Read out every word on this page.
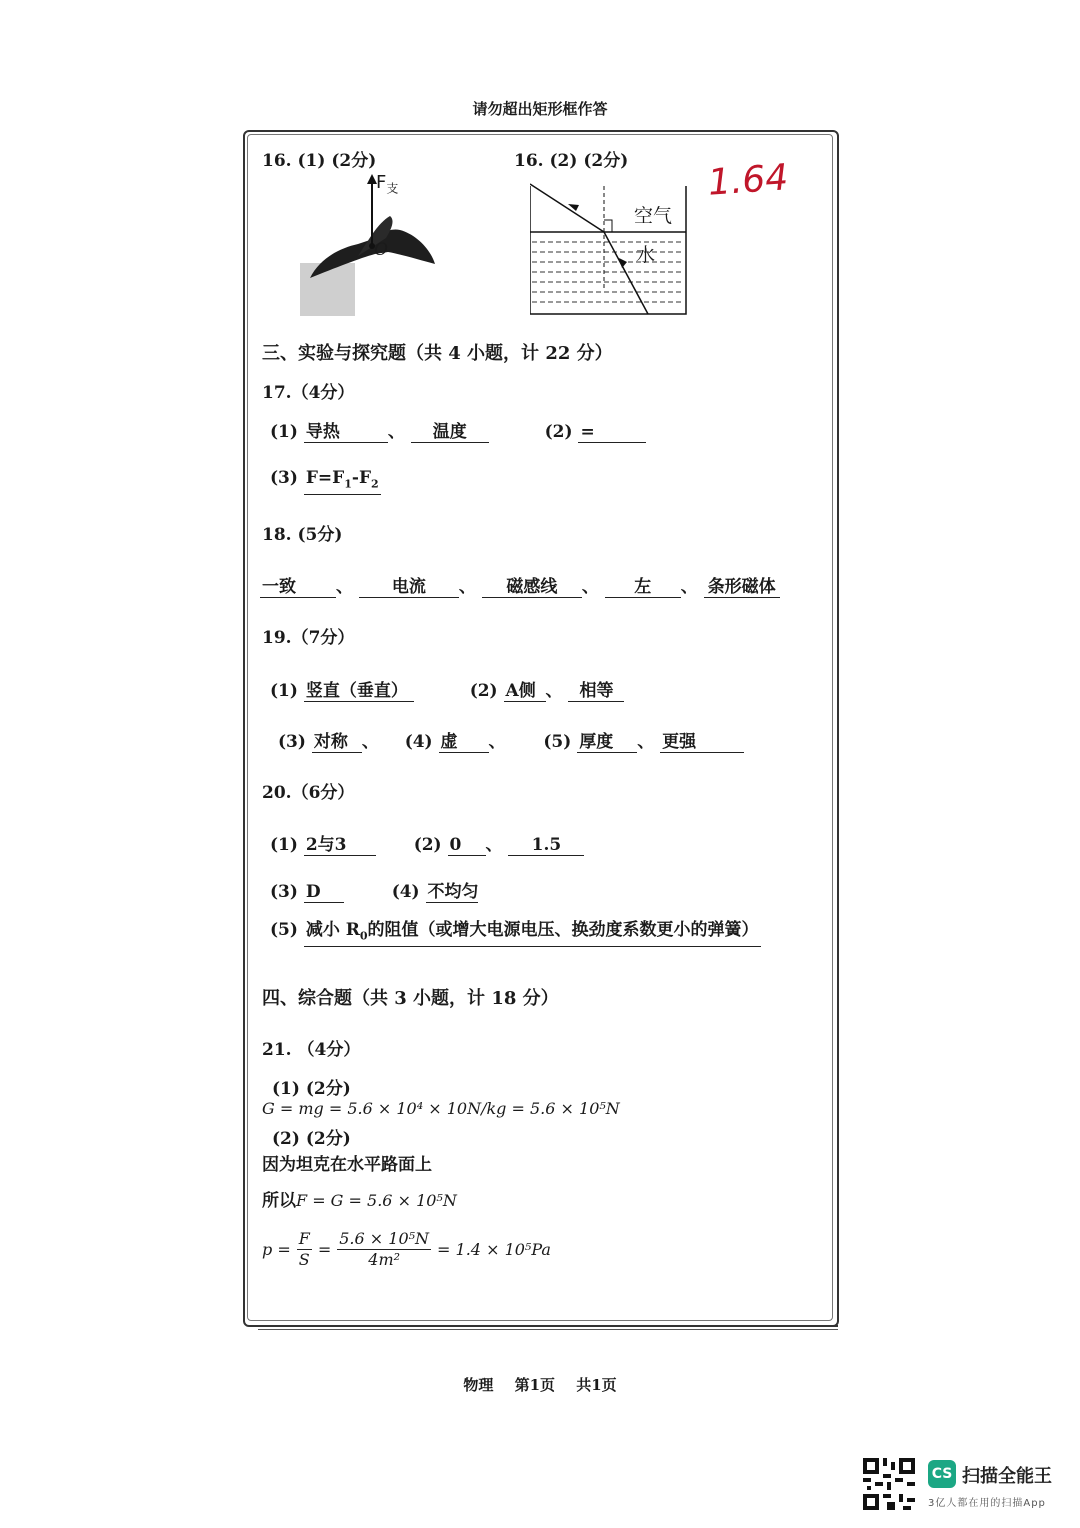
请勿超出矩形框作答
16. (1) (2分)	16. (2) (2分)
$F_支$
O
空气
水
1.64
三、实验与探究题（共 4 小题，计 22 分）
17.（4分）
(1) 导热	、 温度	(2) =
(3) $F=F_1-F_2$
18. (5分)
一致 、 电流 、 磁感线 、 左 、 条形磁体
19.（7分）
(1) 竖直（垂直）	(2) A侧 、 相等
(3) 对称 、 (4) 虚 、 (5) 厚度 、 更强
20.（6分）
(1) 2与3	(2) 0 、 1.5
(3) D	(4) 不均匀
(5) 减小 $R_0$的阻值（或增大电源电压、换劲度系数更小的弹簧）
四、综合题（共 3 小题，计 18 分）
21. （4分）
(1) (2分)
G = mg = 5.6 × 10⁴ × 10N/kg = 5.6 × 10⁵N
(2) (2分)
因为坦克在水平路面上
所以F = G = 5.6 × 10⁵N
$p = \frac{F}{S} = \frac{\text{5.6 × 10⁵N}}{\text{4m²}} = 1.4 \times 10^5Pa$
物理 第1页 共1页
CS 扫描全能王
3亿人都在用的扫描App
